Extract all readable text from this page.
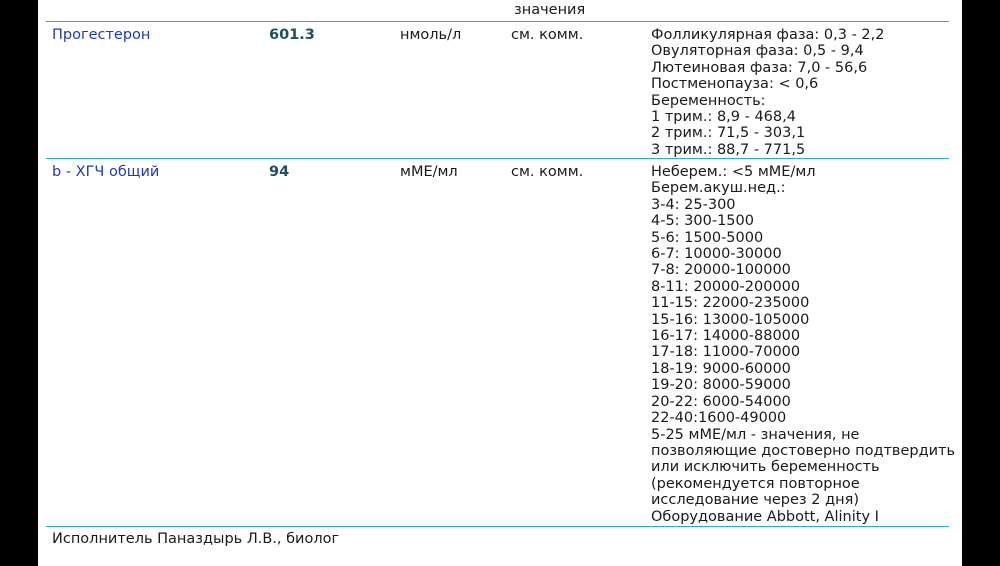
значения
Прогестерон	601.3	нмоль/л	см. комм.	Фолликулярная фаза: 0,3 - 2,2
Овуляторная фаза: 0,5 - 9,4
Лютеиновая фаза: 7,0 - 56,6
Постменопауза: < 0,6
Беременность:
1 трим.: 8,9 - 468,4
2 трим.: 71,5 - 303,1
3 трим.: 88,7 - 771,5
b - ХГЧ общий	94	мМЕ/мл	см. комм.	Неберем.: <5 мМЕ/мл
Берем.акуш.нед.:
3-4: 25-300
4-5: 300-1500
5-6: 1500-5000
6-7: 10000-30000
7-8: 20000-100000
8-11: 20000-200000
11-15: 22000-235000
15-16: 13000-105000
16-17: 14000-88000
17-18: 11000-70000
18-19: 9000-60000
19-20: 8000-59000
20-22: 6000-54000
22-40:1600-49000
5-25 мМЕ/мл - значения, не
позволяющие достоверно подтвердить
или исключить беременность
(рекомендуется повторное
исследование через 2 дня)
Оборудование Abbott, Alinity I
Исполнитель Паназдырь Л.В., биолог
